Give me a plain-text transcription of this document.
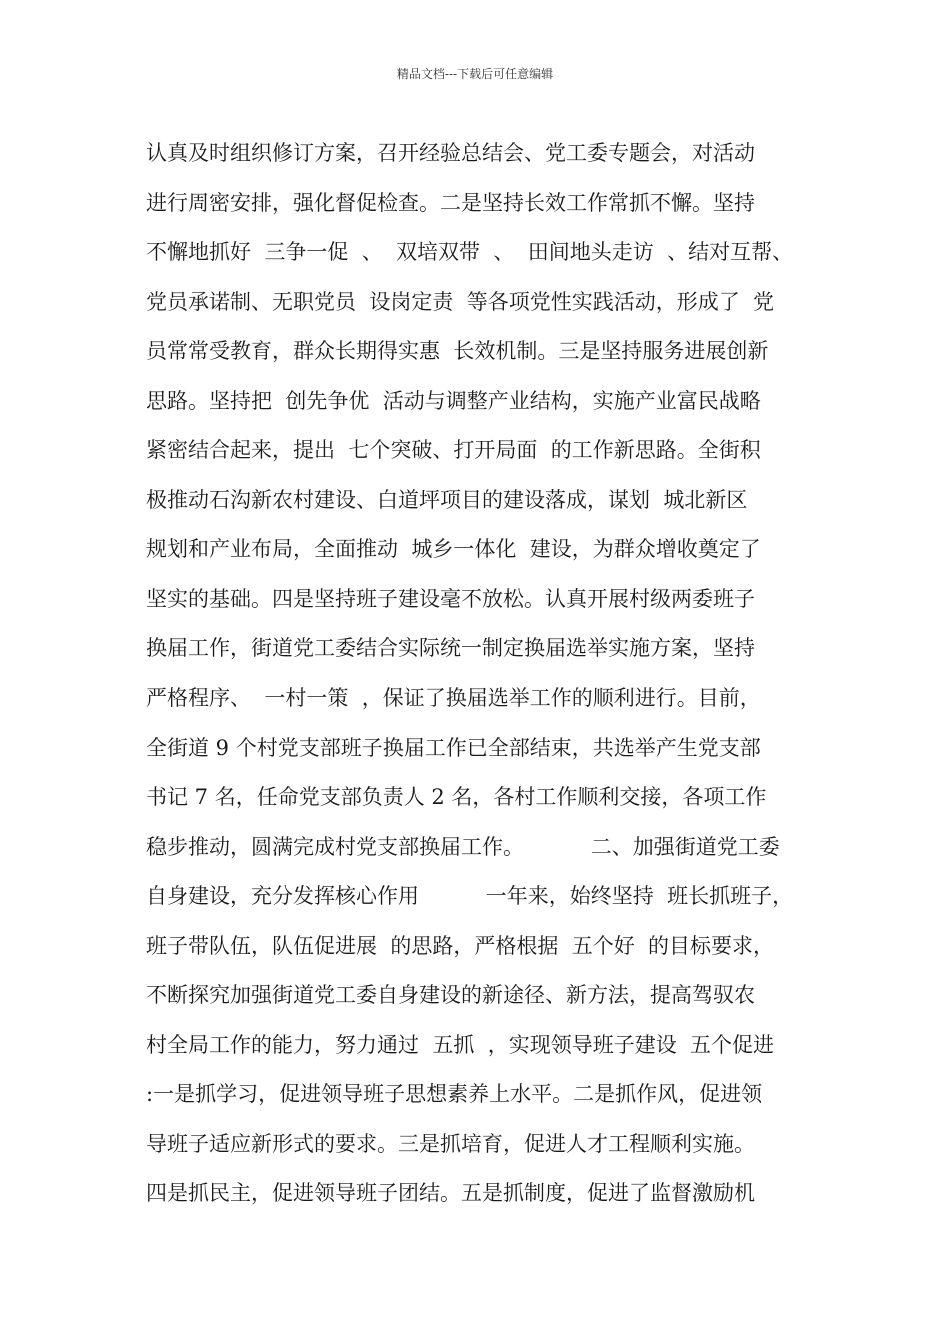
精品文档---下载后可任意编辑
认真及时组织修订方案，召开经验总结会、党工委专题会，对活动
进行周密安排，强化督促检查。二是坚持长效工作常抓不懈。坚持
不懈地抓好  三争一促  、  双培双带  、  田间地头走访  、结对互帮、
党员承诺制、无职党员  设岗定责  等各项党性实践活动，形成了  党
员常常受教育，群众长期得实惠  长效机制。三是坚持服务进展创新
思路。坚持把  创先争优  活动与调整产业结构，实施产业富民战略
紧密结合起来，提出  七个突破、打开局面  的工作新思路。全街积
极推动石沟新农村建设、白道坪项目的建设落成，谋划  城北新区
规划和产业布局，全面推动  城乡一体化  建设，为群众增收奠定了
坚实的基础。四是坚持班子建设毫不放松。认真开展村级两委班子
换届工作，街道党工委结合实际统一制定换届选举实施方案，坚持
严格程序、  一村一策  ，保证了换届选举工作的顺利进行。目前，
全街道 9 个村党支部班子换届工作已全部结束，共选举产生党支部
书记 7 名，任命党支部负责人 2 名，各村工作顺利交接，各项工作
稳步推动，圆满完成村党支部换届工作。          二、加强街道党工委
自身建设，充分发挥核心作用          一年来，始终坚持  班长抓班子，
班子带队伍，队伍促进展  的思路，严格根据  五个好  的目标要求，
不断探究加强街道党工委自身建设的新途径、新方法，提高驾驭农
村全局工作的能力，努力通过  五抓  ，实现领导班子建设  五个促进
:一是抓学习，促进领导班子思想素养上水平。二是抓作风，促进领
导班子适应新形式的要求。三是抓培育，促进人才工程顺利实施。
四是抓民主，促进领导班子团结。五是抓制度，促进了监督激励机
